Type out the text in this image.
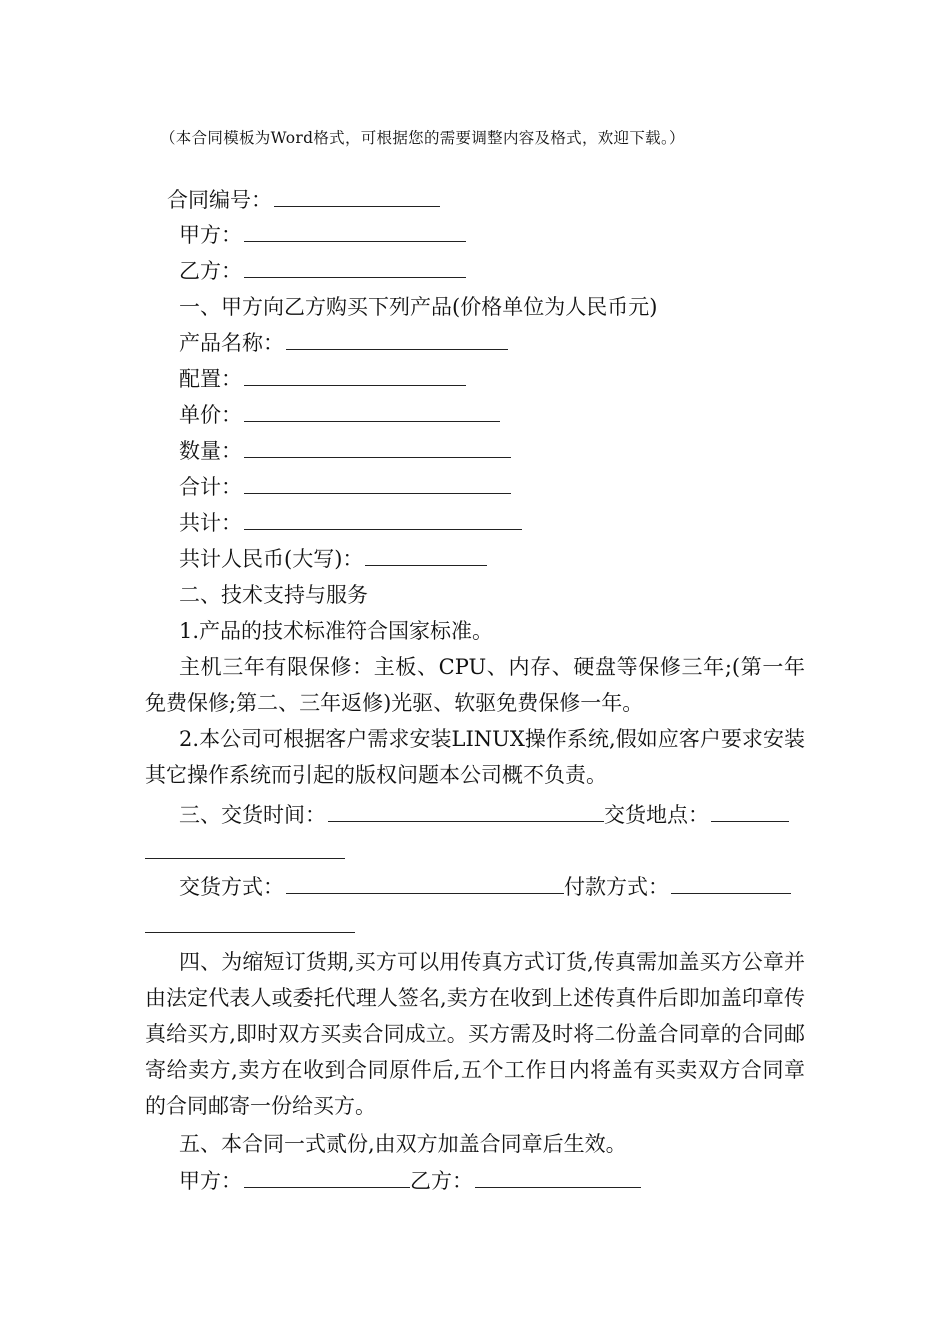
（本合同模板为Word格式，可根据您的需要调整内容及格式，欢迎下载。）
合同编号：
甲方：
乙方：
一、甲方向乙方购买下列产品(价格单位为人民币元)
产品名称：
配置：
单价：
数量：
合计：
共计：
共计人民币(大写)：
二、技术支持与服务
1.产品的技术标准符合国家标准。
主机三年有限保修：主板、CPU、内存、硬盘等保修三年;(第一年免费保修;第二、三年返修)光驱、软驱免费保修一年。
2.本公司可根据客户需求安装LINUX操作系统,假如应客户要求安装其它操作系统而引起的版权问题本公司概不负责。
三、交货时间：	交货地点：
交货方式：	付款方式：
四、为缩短订货期,买方可以用传真方式订货,传真需加盖买方公章并由法定代表人或委托代理人签名,卖方在收到上述传真件后即加盖印章传真给买方,即时双方买卖合同成立。买方需及时将二份盖合同章的合同邮寄给卖方,卖方在收到合同原件后,五个工作日内将盖有买卖双方合同章的合同邮寄一份给买方。
五、本合同一式贰份,由双方加盖合同章后生效。
甲方：	乙方：
